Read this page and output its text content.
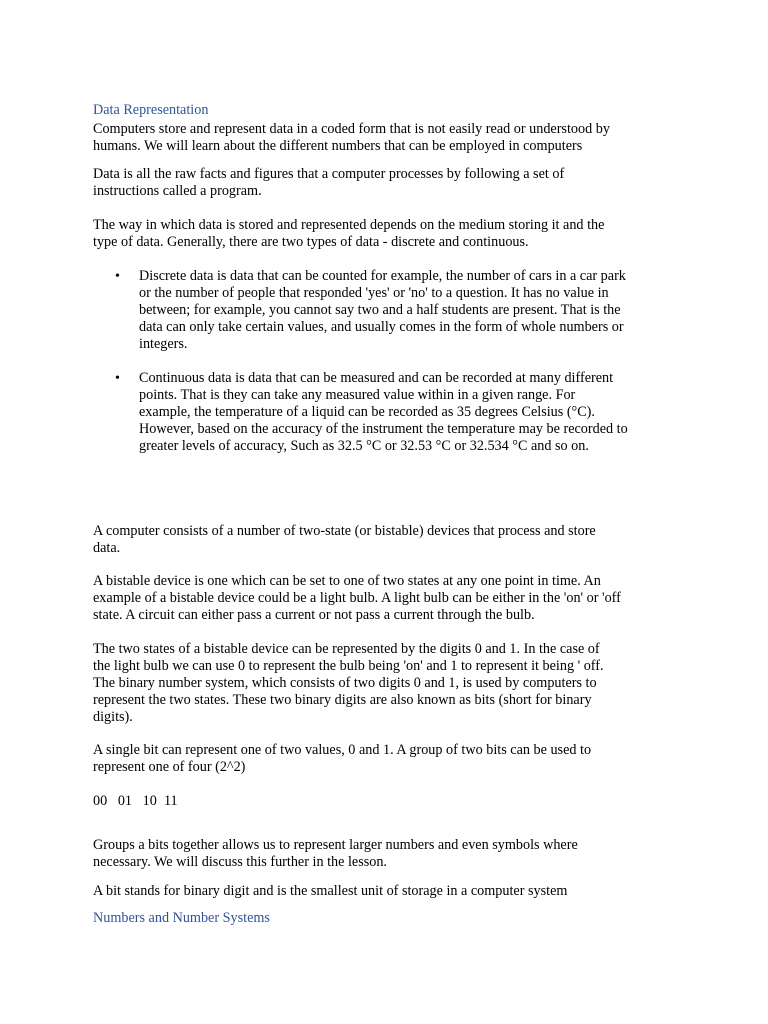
Data Representation
Computers store and represent data in a coded form that is not easily read or understood by
humans. We will learn about the different numbers that can be employed in computers
Data is all the raw facts and figures that a computer processes by following a set of
instructions called a program.
The way in which data is stored and represented depends on the medium storing it and the
type of data. Generally, there are two types of data - discrete and continuous.
• Discrete data is data that can be counted for example, the number of cars in a car park
or the number of people that responded 'yes' or 'no' to a question. It has no value in
between; for example, you cannot say two and a half students are present. That is the
data can only take certain values, and usually comes in the form of whole numbers or
integers.
• Continuous data is data that can be measured and can be recorded at many different
points. That is they can take any measured value within in a given range. For
example, the temperature of a liquid can be recorded as 35 degrees Celsius (°C).
However, based on the accuracy of the instrument the temperature may be recorded to
greater levels of accuracy, Such as 32.5 °C or 32.53 °C or 32.534 °C and so on.
A computer consists of a number of two-state (or bistable) devices that process and store
data.
A bistable device is one which can be set to one of two states at any one point in time. An
example of a bistable device could be a light bulb. A light bulb can be either in the 'on' or 'off
state. A circuit can either pass a current or not pass a current through the bulb.
The two states of a bistable device can be represented by the digits 0 and 1. In the case of
the light bulb we can use 0 to represent the bulb being 'on' and 1 to represent it being ' off.
The binary number system, which consists of two digits 0 and 1, is used by computers to
represent the two states. These two binary digits are also known as bits (short for binary
digits).
A single bit can represent one of two values, 0 and 1. A group of two bits can be used to
represent one of four (2^2)
00   01   10  11
Groups a bits together allows us to represent larger numbers and even symbols where
necessary. We will discuss this further in the lesson.
A bit stands for binary digit and is the smallest unit of storage in a computer system
Numbers and Number Systems
